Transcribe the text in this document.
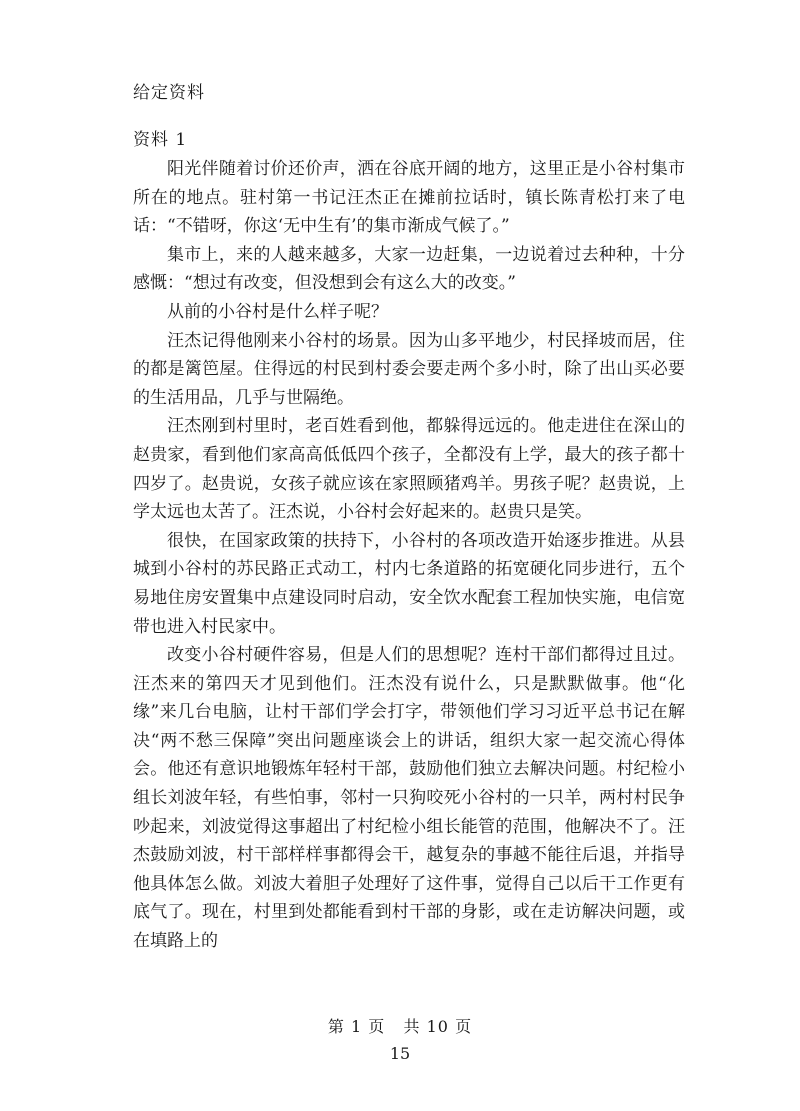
给定资料
资料 1

阳光伴随着讨价还价声，洒在谷底开阔的地方，这里正是小谷村集市所在的地点。驻村第一书记汪杰正在摊前拉话时，镇长陈青松打来了电话：“不错呀，你这‘无中生有’的集市渐成气候了。”

集市上，来的人越来越多，大家一边赶集，一边说着过去种种，十分感慨：“想过有改变，但没想到会有这么大的改变。”

从前的小谷村是什么样子呢？

汪杰记得他刚来小谷村的场景。因为山多平地少，村民择坡而居，住的都是篱笆屋。住得远的村民到村委会要走两个多小时，除了出山买必要的生活用品，几乎与世隔绝。

汪杰刚到村里时，老百姓看到他，都躲得远远的。他走进住在深山的赵贵家，看到他们家高高低低四个孩子，全都没有上学，最大的孩子都十四岁了。赵贵说，女孩子就应该在家照顾猪鸡羊。男孩子呢？赵贵说，上学太远也太苦了。汪杰说，小谷村会好起来的。赵贵只是笑。

很快，在国家政策的扶持下，小谷村的各项改造开始逐步推进。从县城到小谷村的苏民路正式动工，村内七条道路的拓宽硬化同步进行，五个易地住房安置集中点建设同时启动，安全饮水配套工程加快实施，电信宽带也进入村民家中。

改变小谷村硬件容易，但是人们的思想呢？连村干部们都得过且过。汪杰来的第四天才见到他们。汪杰没有说什么，只是默默做事。他“化缘”来几台电脑，让村干部们学会打字，带领他们学习习近平总书记在解决“两不愁三保障”突出问题座谈会上的讲话，组织大家一起交流心得体会。他还有意识地锻炼年轻村干部，鼓励他们独立去解决问题。村纪检小组长刘波年轻，有些怕事，邻村一只狗咬死小谷村的一只羊，两村村民争吵起来，刘波觉得这事超出了村纪检小组长能管的范围，他解决不了。汪杰鼓励刘波，村干部样样事都得会干，越复杂的事越不能往后退，并指导他具体怎么做。刘波大着胆子处理好了这件事，觉得自己以后干工作更有底气了。现在，村里到处都能看到村干部的身影，或在走访解决问题，或在填路上的

第 1 页   共 10 页
15
